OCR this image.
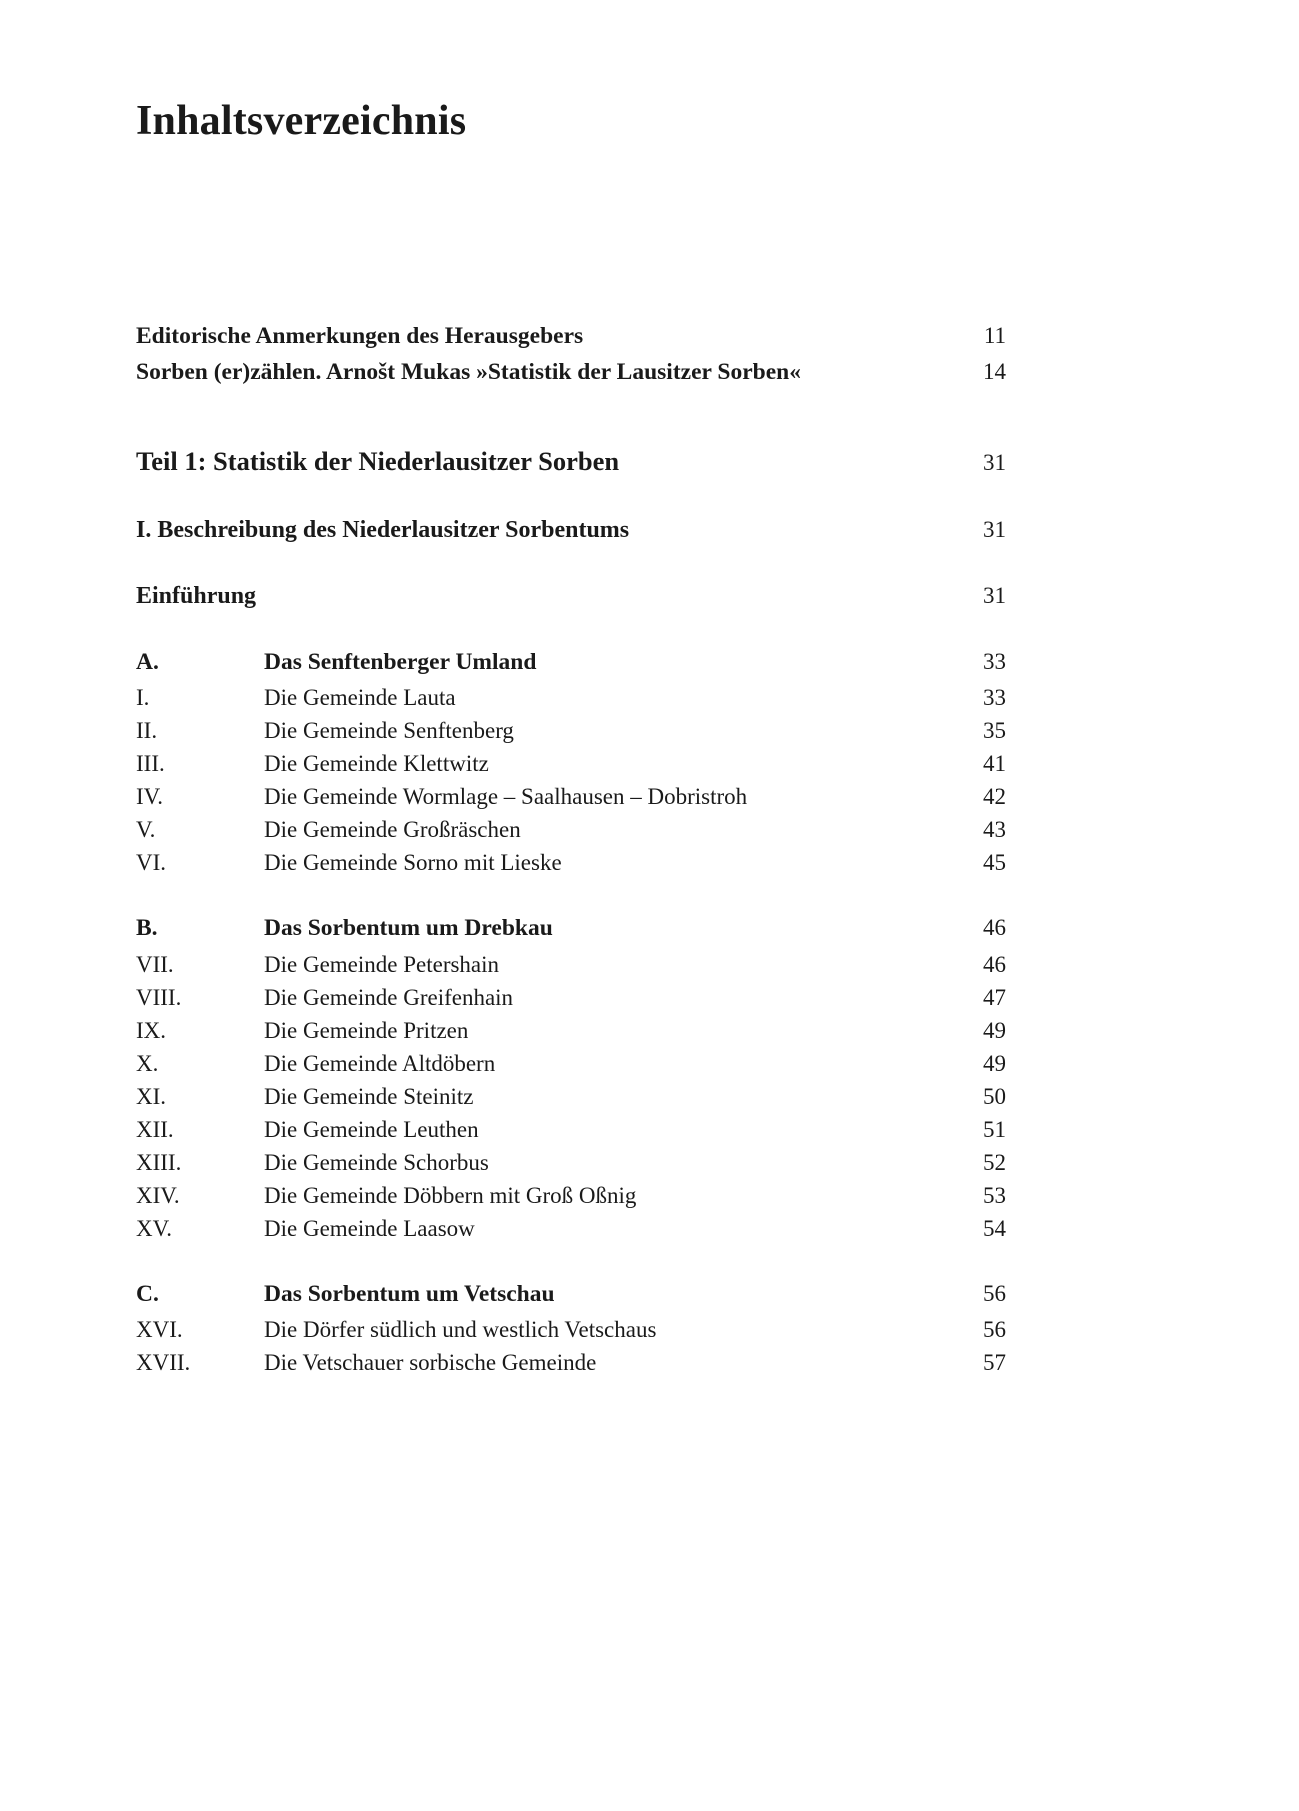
Inhaltsverzeichnis
Editorische Anmerkungen des Herausgebers	11
Sorben (er)zählen. Arnošt Mukas »Statistik der Lausitzer Sorben«	14
Teil 1: Statistik der Niederlausitzer Sorben	31
I. Beschreibung des Niederlausitzer Sorbentums	31
Einführung	31
A.	Das Senftenberger Umland	33
I.	Die Gemeinde Lauta	33
II.	Die Gemeinde Senftenberg	35
III.	Die Gemeinde Klettwitz	41
IV.	Die Gemeinde Wormlage – Saalhausen – Dobristroh	42
V.	Die Gemeinde Großräschen	43
VI.	Die Gemeinde Sorno mit Lieske	45
B.	Das Sorbentum um Drebkau	46
VII.	Die Gemeinde Petershain	46
VIII.	Die Gemeinde Greifenhain	47
IX.	Die Gemeinde Pritzen	49
X.	Die Gemeinde Altdöbern	49
XI.	Die Gemeinde Steinitz	50
XII.	Die Gemeinde Leuthen	51
XIII.	Die Gemeinde Schorbus	52
XIV.	Die Gemeinde Döbbern mit Groß Oßnig	53
XV.	Die Gemeinde Laasow	54
C.	Das Sorbentum um Vetschau	56
XVI.	Die Dörfer südlich und westlich Vetschaus	56
XVII.	Die Vetschauer sorbische Gemeinde	57
